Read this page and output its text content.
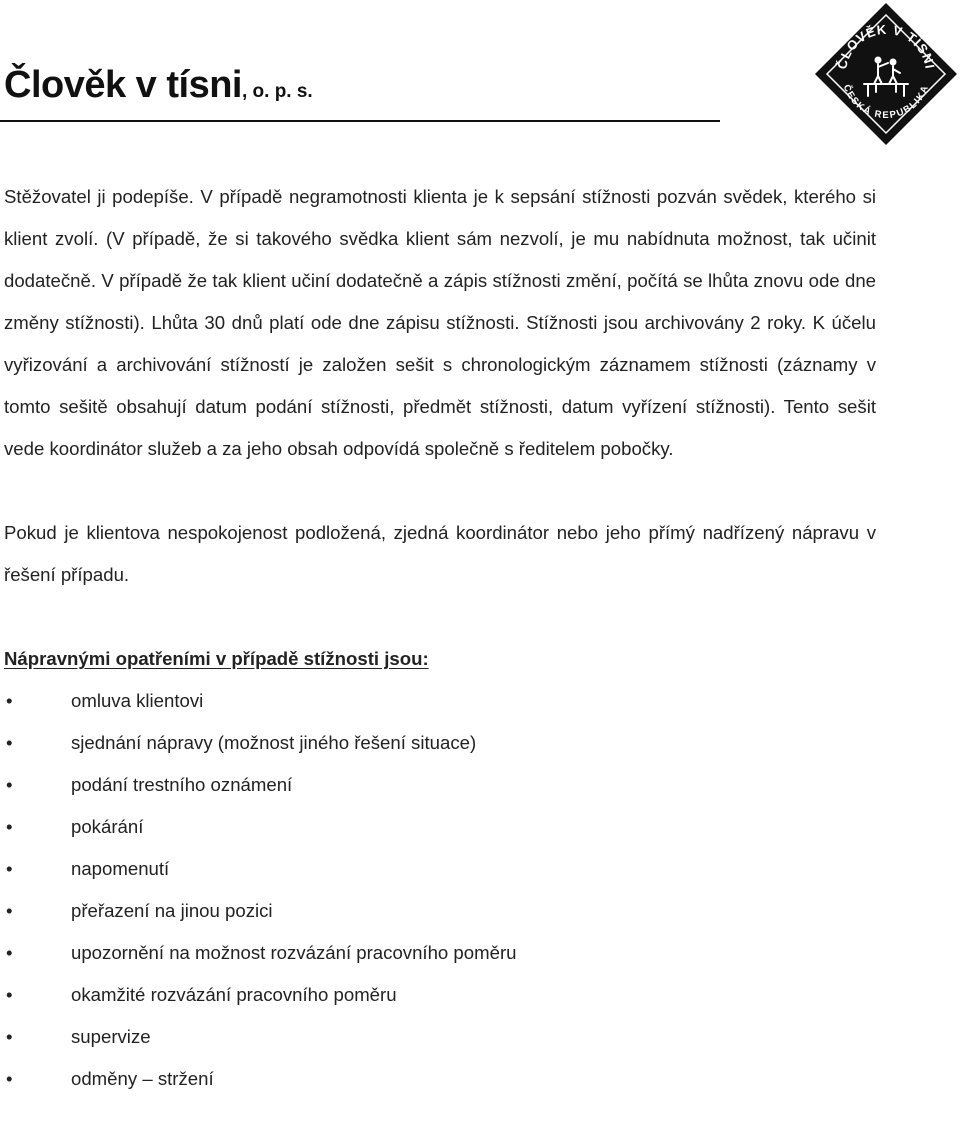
Člověk v tísni, o. p. s.
ČLOVĚK V TÍSNI
ČESKÁ REPUBLIKA

Stěžovatel ji podepíše. V případě negramotnosti klienta je k sepsání stížnosti pozván svědek, kterého si klient zvolí. (V případě, že si takového svědka klient sám nezvolí, je mu nabídnuta možnost, tak učinit dodatečně. V případě že tak klient učiní dodatečně a zápis stížnosti změní, počítá se lhůta znovu ode dne změny stížnosti). Lhůta 30 dnů platí ode dne zápisu stížnosti. Stížnosti jsou archivovány 2 roky. K účelu vyřizování a archivování stížností je založen sešit s chronologickým záznamem stížnosti (záznamy v tomto sešitě obsahují datum podání stížnosti, předmět stížnosti, datum vyřízení stížnosti). Tento sešit vede koordinátor služeb a za jeho obsah odpovídá společně s ředitelem pobočky.

Pokud je klientova nespokojenost podložená, zjedná koordinátor nebo jeho přímý nadřízený nápravu v řešení případu.

Nápravnými opatřeními v případě stížnosti jsou:

•	omluva klientovi
•	sjednání nápravy (možnost jiného řešení situace)
•	podání trestního oznámení
•	pokárání
•	napomenutí
•	přeřazení na jinou pozici
•	upozornění na možnost rozvázání pracovního poměru
•	okamžité rozvázání pracovního poměru
•	supervize
•	odměny – stržení
